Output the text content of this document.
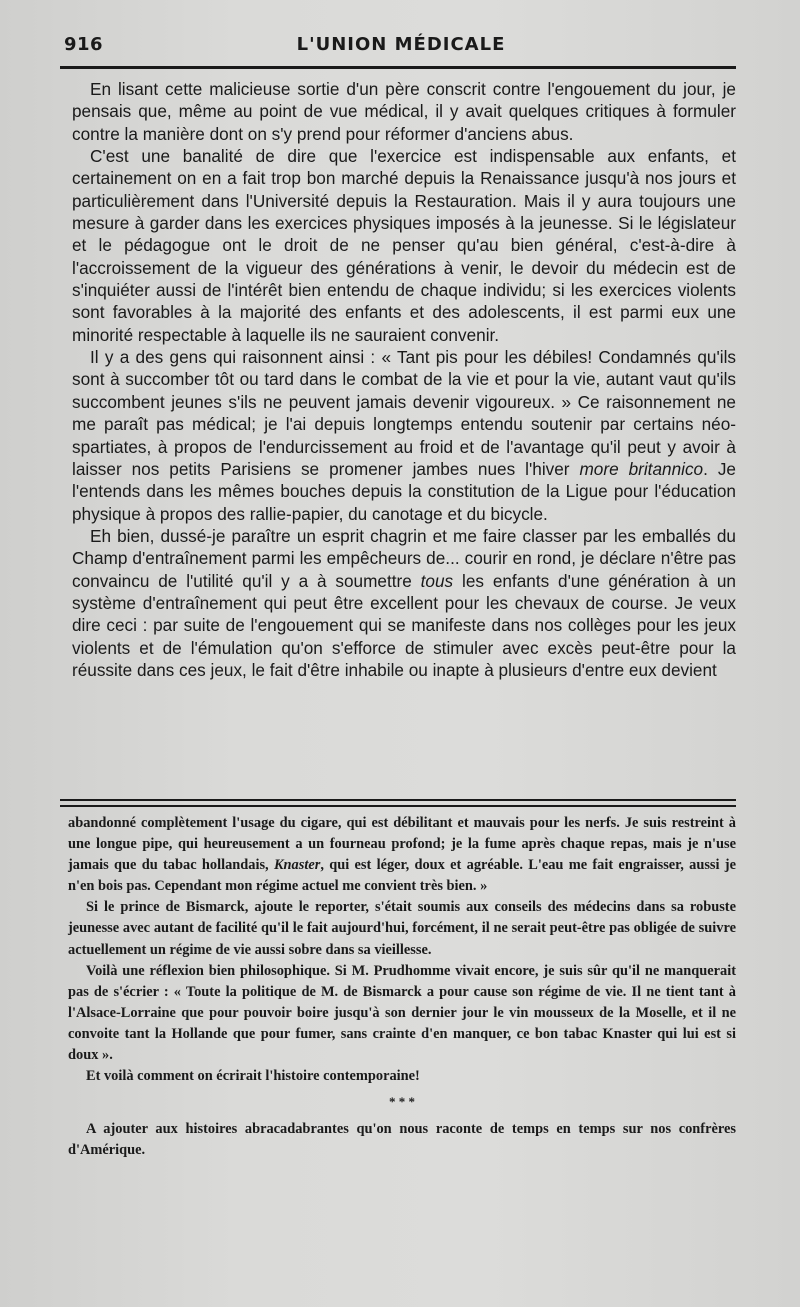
916	L'UNION MÉDICALE

En lisant cette malicieuse sortie d'un père conscrit contre l'engouement du jour, je pensais que, même au point de vue médical, il y avait quelques critiques à formuler contre la manière dont on s'y prend pour réformer d'anciens abus.

C'est une banalité de dire que l'exercice est indispensable aux enfants, et certainement on en a fait trop bon marché depuis la Renaissance jusqu'à nos jours et particulièrement dans l'Université depuis la Restauration. Mais il y aura toujours une mesure à garder dans les exercices physiques imposés à la jeunesse. Si le législateur et le pédagogue ont le droit de ne penser qu'au bien général, c'est-à-dire à l'accroissement de la vigueur des générations à venir, le devoir du médecin est de s'inquiéter aussi de l'intérêt bien entendu de chaque individu; si les exercices violents sont favorables à la majorité des enfants et des adolescents, il est parmi eux une minorité respectable à laquelle ils ne sauraient convenir.

Il y a des gens qui raisonnent ainsi : « Tant pis pour les débiles! Condamnés qu'ils sont à succomber tôt ou tard dans le combat de la vie et pour la vie, autant vaut qu'ils succombent jeunes s'ils ne peuvent jamais devenir vigoureux. » Ce raisonnement ne me paraît pas médical; je l'ai depuis longtemps entendu soutenir par certains néo-spartiates, à propos de l'endurcissement au froid et de l'avantage qu'il peut y avoir à laisser nos petits Parisiens se promener jambes nues l'hiver more britannico. Je l'entends dans les mêmes bouches depuis la constitution de la Ligue pour l'éducation physique à propos des rallie-papier, du canotage et du bicycle.

Eh bien, dussé-je paraître un esprit chagrin et me faire classer par les emballés du Champ d'entraînement parmi les empêcheurs de... courir en rond, je déclare n'être pas convaincu de l'utilité qu'il y a à soumettre tous les enfants d'une génération à un système d'entraînement qui peut être excellent pour les chevaux de course. Je veux dire ceci : par suite de l'engouement qui se manifeste dans nos collèges pour les jeux violents et de l'émulation qu'on s'efforce de stimuler avec excès peut-être pour la réussite dans ces jeux, le fait d'être inhabile ou inapte à plusieurs d'entre eux devient

abandonné complètement l'usage du cigare, qui est débilitant et mauvais pour les nerfs. Je suis restreint à une longue pipe, qui heureusement a un fourneau profond; je la fume après chaque repas, mais je n'use jamais que du tabac hollandais, Knaster, qui est léger, doux et agréable. L'eau me fait engraisser, aussi je n'en bois pas. Cependant mon régime actuel me convient très bien. »

Si le prince de Bismarck, ajoute le reporter, s'était soumis aux conseils des médecins dans sa robuste jeunesse avec autant de facilité qu'il le fait aujourd'hui, forcément, il ne serait peut-être pas obligée de suivre actuellement un régime de vie aussi sobre dans sa vieillesse.

Voilà une réflexion bien philosophique. Si M. Prudhomme vivait encore, je suis sûr qu'il ne manquerait pas de s'écrier : « Toute la politique de M. de Bismarck a pour cause son régime de vie. Il ne tient tant à l'Alsace-Lorraine que pour pouvoir boire jusqu'à son dernier jour le vin mousseux de la Moselle, et il ne convoite tant la Hollande que pour fumer, sans crainte d'en manquer, ce bon tabac Knaster qui lui est si doux ».

Et voilà comment on écrirait l'histoire contemporaine!

* * *

A ajouter aux histoires abracadabrantes qu'on nous raconte de temps en temps sur nos confrères d'Amérique.
